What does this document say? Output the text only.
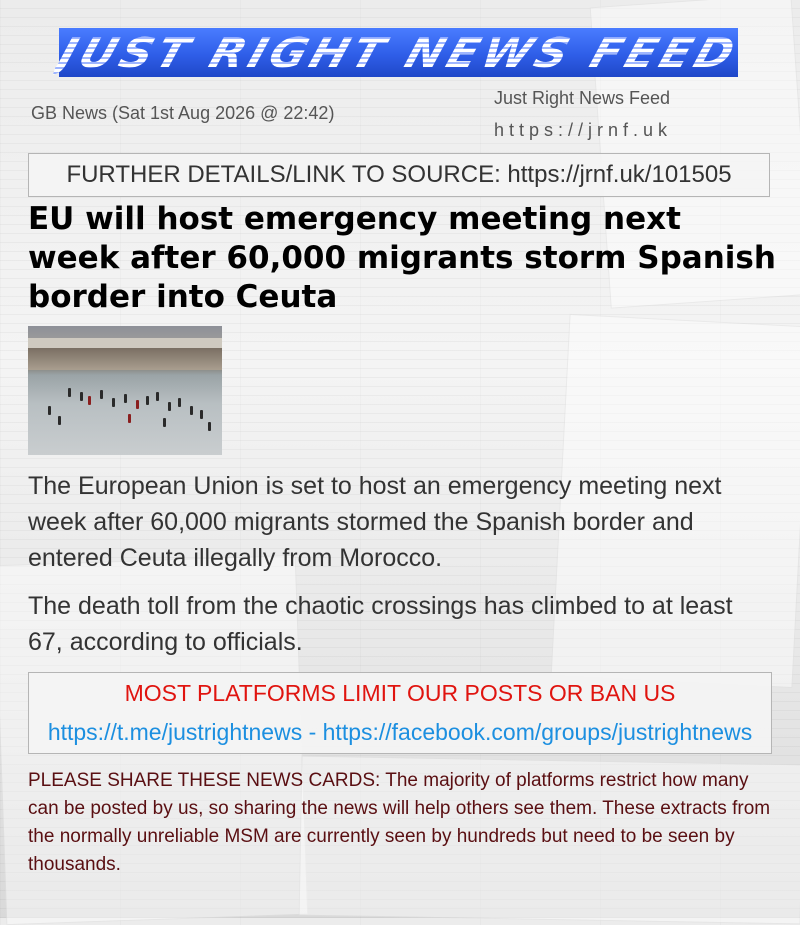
JUST RIGHT NEWS FEED
GB News (Sat 1st Aug 2026 @ 22:42)
Just Right News Feed
https://jrnf.uk
FURTHER DETAILS/LINK TO SOURCE: https://jrnf.uk/101505
EU will host emergency meeting next week after 60,000 migrants storm Spanish border into Ceuta

The European Union is set to host an emergency meeting next week after 60,000 migrants stormed the Spanish border and entered Ceuta illegally from Morocco.

The death toll from the chaotic crossings has climbed to at least 67, according to officials.

MOST PLATFORMS LIMIT OUR POSTS OR BAN US
https://t.me/justrightnews - https://facebook.com/groups/justrightnews

PLEASE SHARE THESE NEWS CARDS: The majority of platforms restrict how many can be posted by us, so sharing the news will help others see them. These extracts from the normally unreliable MSM are currently seen by hundreds but need to be seen by thousands.
